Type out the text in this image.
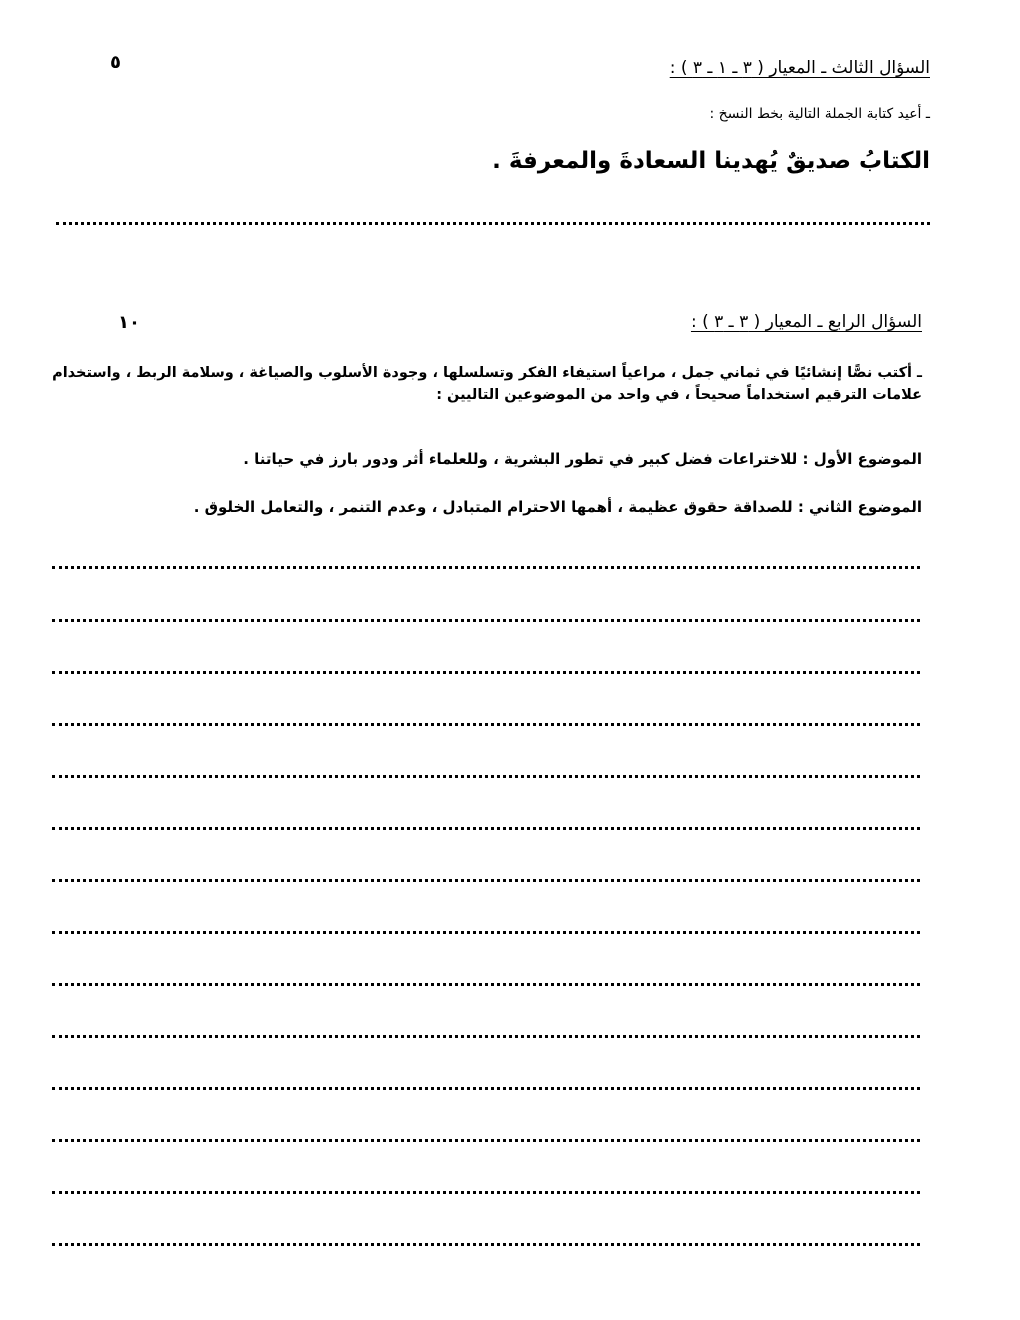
٥	السؤال الثالث ـ المعيار ( ٣ ـ ١ ـ ٣ ) :
ـ أعيد كتابة الجملة التالية بخط النسخ :
الكتابُ صديقٌ يُهدينا السعادةَ والمعرفةَ .
١٠	السؤال الرابع ـ المعيار ( ٣ ـ ٣ ) :
ـ أكتب نصًّا إنشائيًا في ثماني جمل ، مراعياً استيفاء الفكر وتسلسلها ، وجودة الأسلوب والصياغة ، وسلامة الربط ، واستخدام علامات الترقيم استخداماً صحيحاً ، في واحد من الموضوعين التاليين :
الموضوع الأول : للاختراعات فضل كبير في تطور البشرية ، وللعلماء أثر ودور بارز في حياتنا .
الموضوع الثاني : للصداقة حقوق عظيمة ، أهمها الاحترام المتبادل ، وعدم التنمر ، والتعامل الخلوق .
